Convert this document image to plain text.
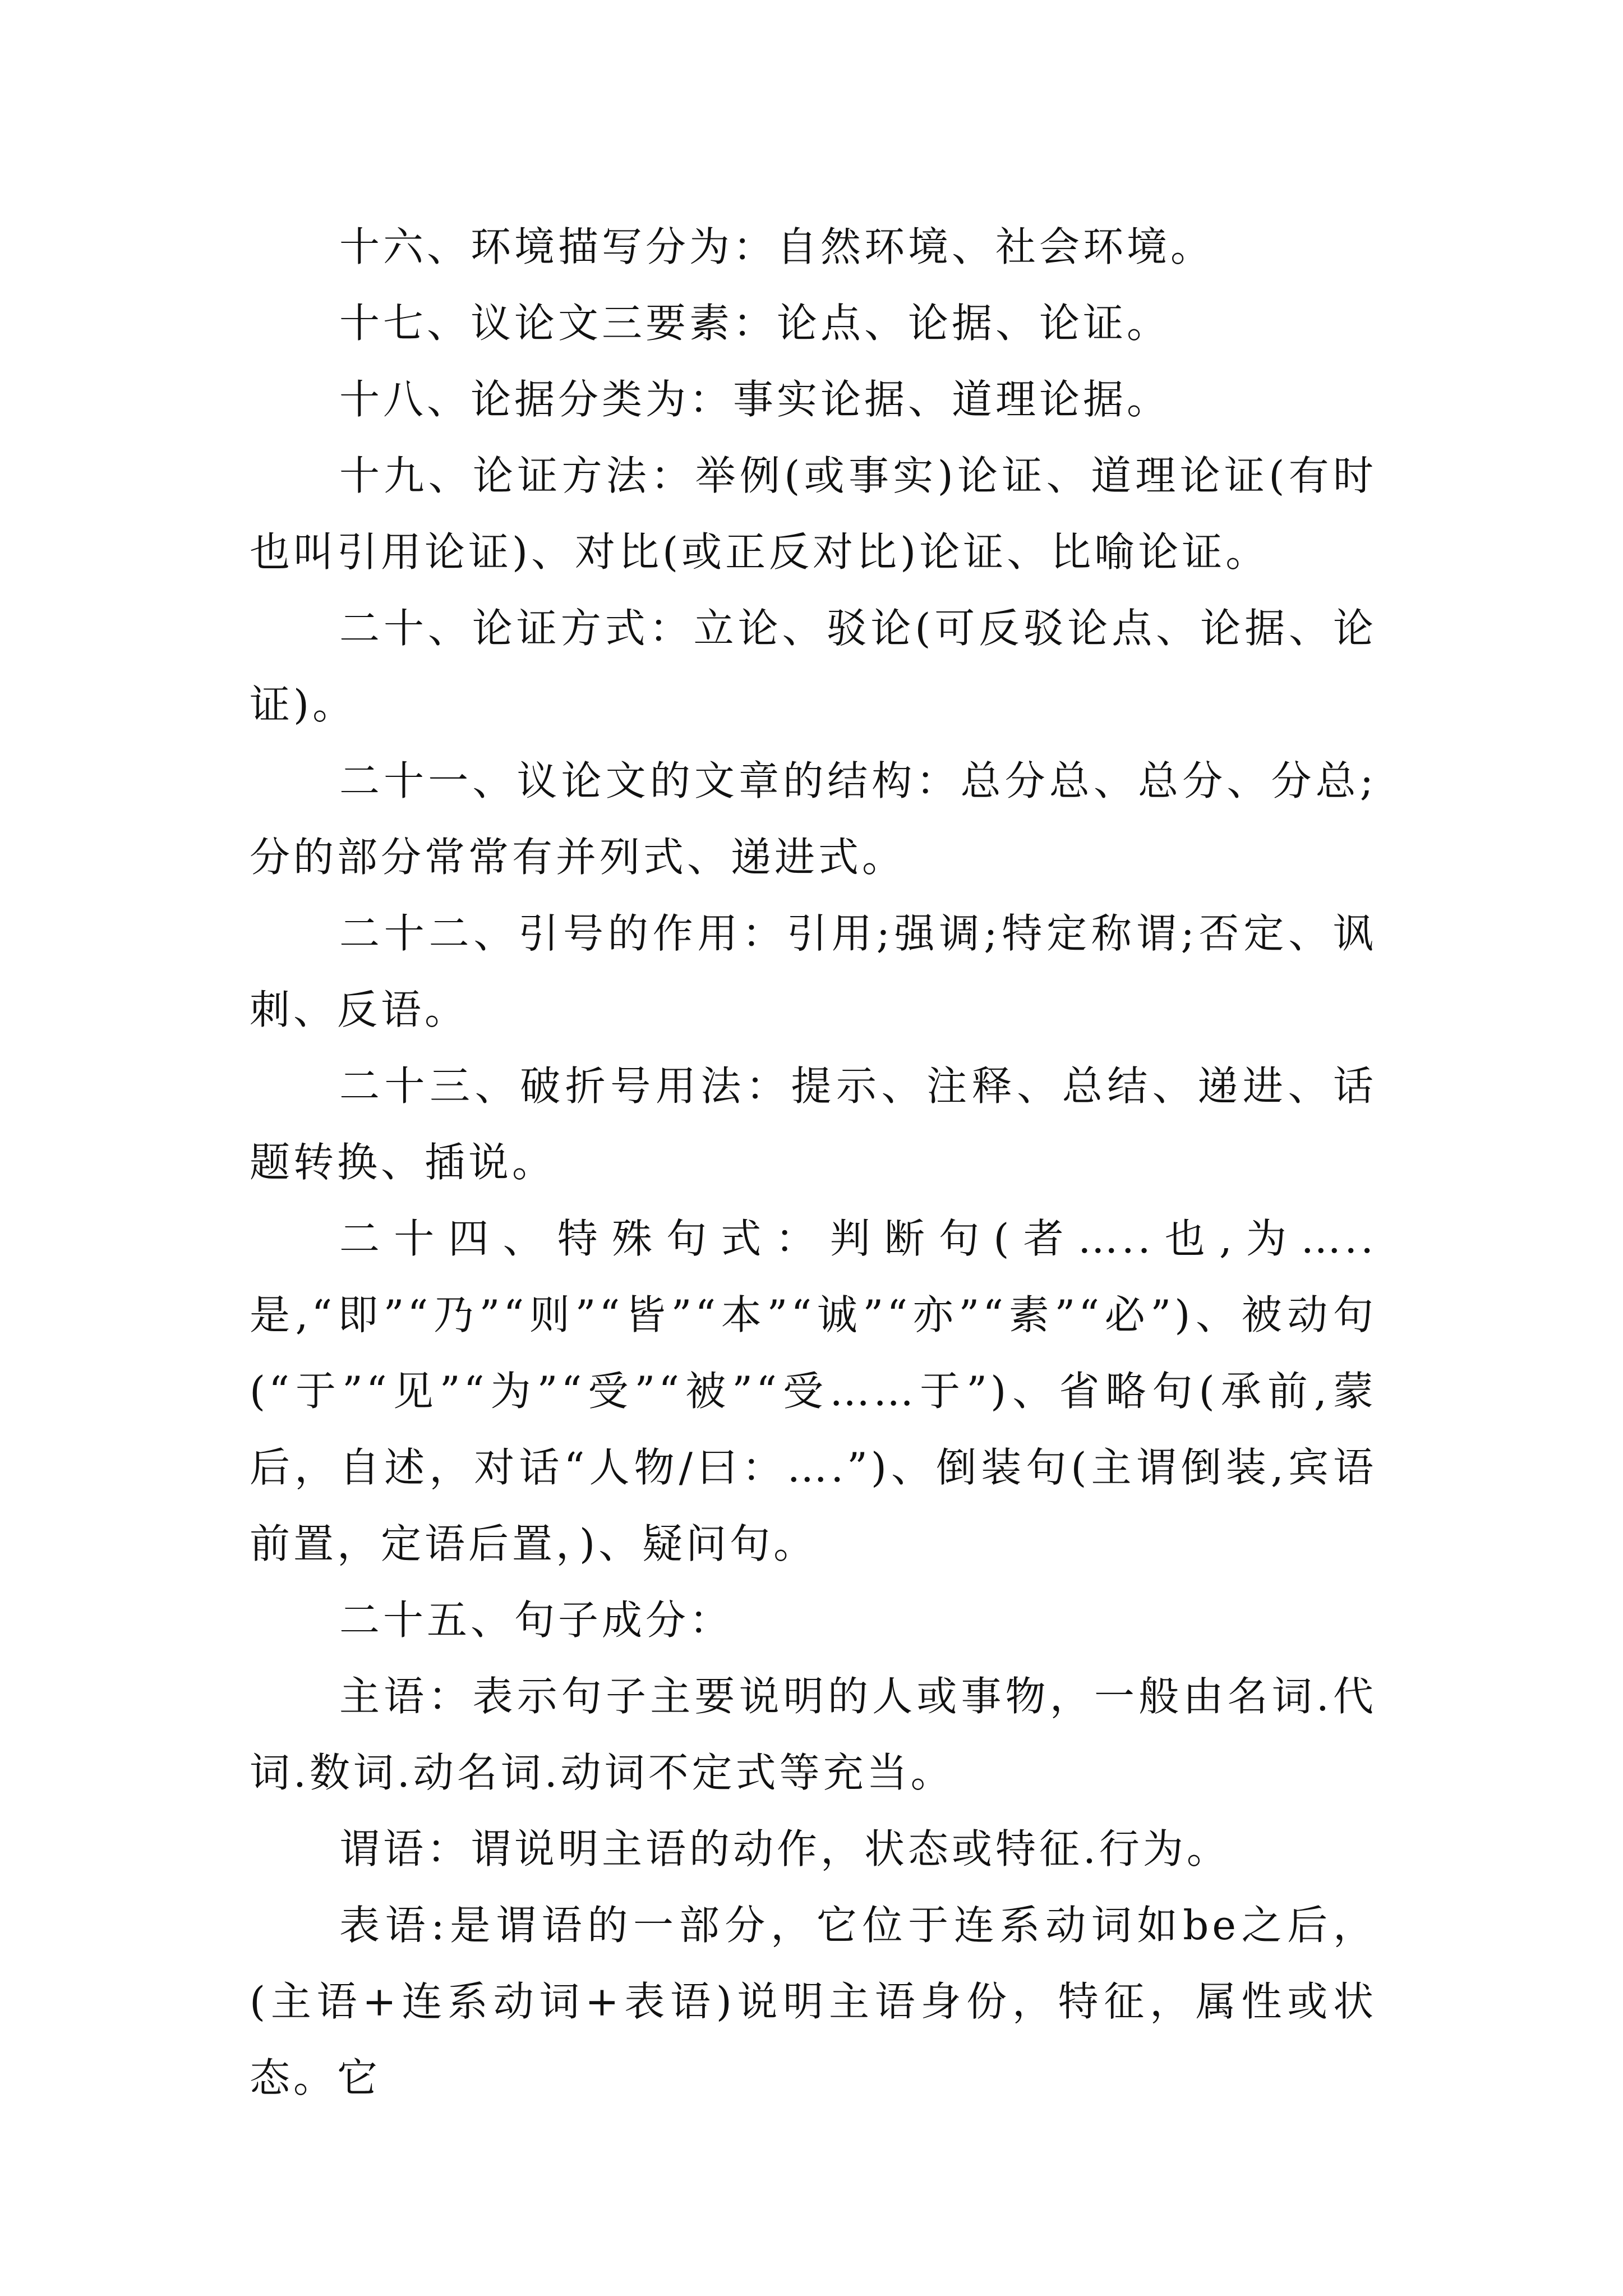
十六、环境描写分为：自然环境、社会环境。

十七、议论文三要素：论点、论据、论证。

十八、论据分类为：事实论据、道理论据。

十九、论证方法：举例(或事实)论证、道理论证(有时也叫引用论证)、对比(或正反对比)论证、比喻论证。

二十、论证方式：立论、驳论(可反驳论点、论据、论证)。

二十一、议论文的文章的结构：总分总、总分、分总;分的部分常常有并列式、递进式。

二十二、引号的作用：引用;强调;特定称谓;否定、讽刺、反语。

二十三、破折号用法：提示、注释、总结、递进、话题转换、插说。

二十四、特殊句式：判断句(者…..也,为…..是,“即”“乃”“则”“皆”“本”“诚”“亦”“素”“必”)、被动句(“于”“见”“为”“受”“被”“受……于”)、省略句(承前,蒙后，自述，对话“人物/曰：….”)、倒装句(主谓倒装,宾语前置，定语后置，)、疑问句。

二十五、句子成分：

主语：表示句子主要说明的人或事物，一般由名词.代词.数词.动名词.动词不定式等充当。

谓语：谓说明主语的动作，状态或特征.行为。

表语:是谓语的一部分，它位于连系动词如be之后，(主语+连系动词+表语)说明主语身份，特征，属性或状态。它
